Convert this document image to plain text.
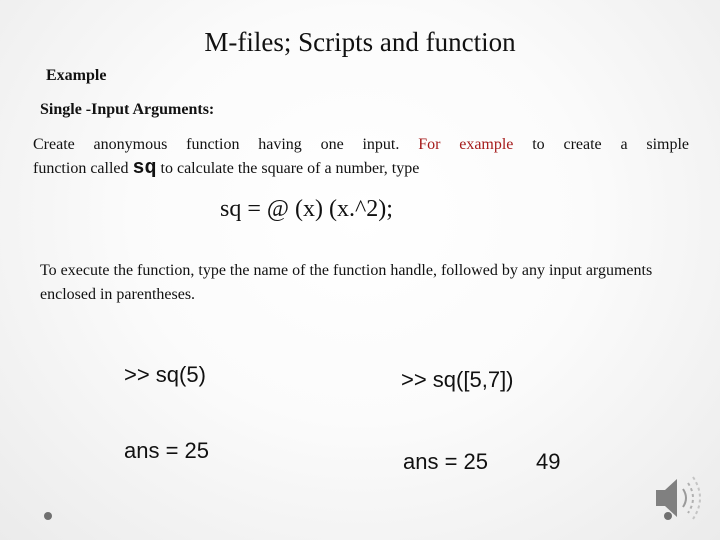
M-files; Scripts and function
Example
Single -Input Arguments:
Create anonymous function having one input. For example to create a simple
function called sq to calculate the square of a number, type
sq = @ (x) (x.^2);
To execute the function, type the name of the function handle, followed by any input arguments enclosed in parentheses.
>> sq(5)	>> sq([5,7])
ans = 25	ans = 25 49
